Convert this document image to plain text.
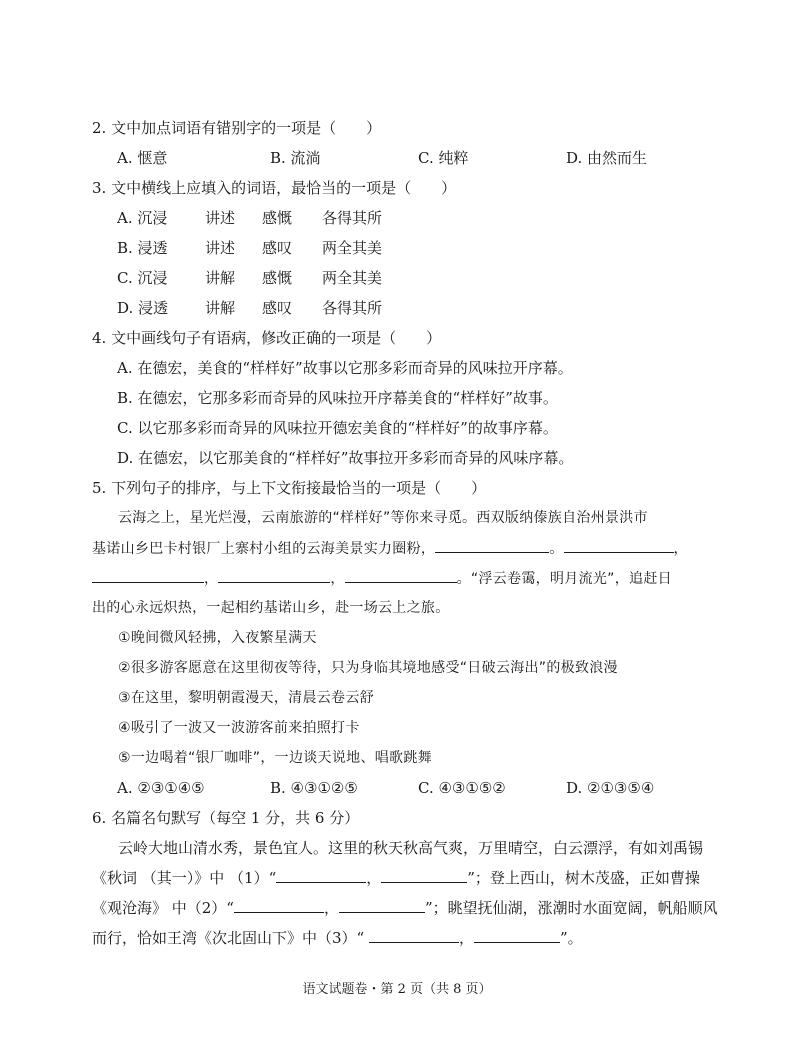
2. 文中加点词语有错别字的一项是（　　）
A. 惬意	B. 流淌	C. 纯粹	D. 由然而生
3. 文中横线上应填入的词语，最恰当的一项是（　　）
A. 沉浸	讲述 感慨 各得其所
B. 浸透 讲述 感叹 两全其美
C. 沉浸	讲解 感慨 两全其美
D. 浸透 讲解 感叹 各得其所
4. 文中画线句子有语病，修改正确的一项是（　　）
A. 在德宏，美食的“样样好”故事以它那多彩而奇异的风味拉开序幕。
B. 在德宏，它那多彩而奇异的风味拉开序幕美食的“样样好”故事。
C. 以它那多彩而奇异的风味拉开德宏美食的“样样好”的故事序幕。
D. 在德宏，以它那美食的“样样好”故事拉开多彩而奇异的风味序幕。
5. 下列句子的排序，与上下文衔接最恰当的一项是（　　）
云海之上，星光烂漫，云南旅游的“样样好”等你来寻觅。西双版纳傣族自治州景洪市
基诺山乡巴卡村银厂上寨村小组的云海美景实力圈粉，	。	，
，	，	。“浮云卷霭，明月流光”，追赶日
出的心永远炽热，一起相约基诺山乡，赴一场云上之旅。
①晚间微风轻拂，入夜繁星满天
②很多游客愿意在这里彻夜等待，只为身临其境地感受“日破云海出”的极致浪漫
③在这里，黎明朝霞漫天，清晨云卷云舒
④吸引了一波又一波游客前来拍照打卡
⑤一边喝着“银厂咖啡”，一边谈天说地、唱歌跳舞
A. ②③①④⑤	B. ④③①②⑤	C. ④③①⑤②	D. ②①③⑤④
6. 名篇名句默写（每空 1 分，共 6 分）
云岭大地山清水秀，景色宜人。这里的秋天秋高气爽，万里晴空，白云漂浮，有如刘禹锡
《秋词 （其一）》中 （1）“	，	”；登上西山，树木茂盛，正如曹操
《观沧海》 中（2）“	，	”；眺望抚仙湖，涨潮时水面宽阔，帆船顺风
而行，恰如王湾《次北固山下》中（3）“	，	”。
语文试题卷・第 2 页（共 8 页）
